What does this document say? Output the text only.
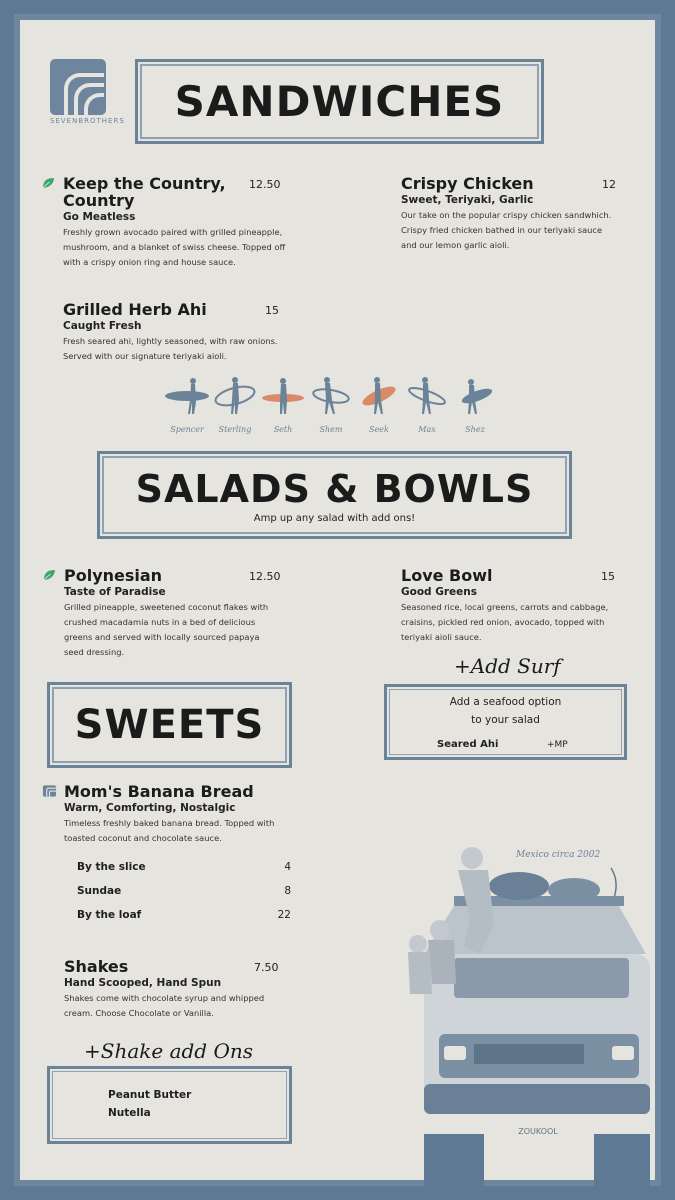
SEVENBROTHERS SANDWICHES
Keep the Country, Country
12.50
Go Meatless
Freshly grown avocado paired with grilled pineapple, mushroom, and a blanket of swiss cheese. Topped off with a crispy onion ring and house sauce.
Crispy Chicken	12
Sweet, Teriyaki, Garlic
Our take on the popular crispy chicken sandwhich. Crispy fried chicken bathed in our teriyaki sauce and our lemon garlic aioli.
Grilled Herb Ahi	15
Caught Fresh
Fresh seared ahi, lightly seasoned, with raw onions. Served with our signature teriyaki aioli.
Spencer	Sterling	Seth	Shem	Seek	Max	Shez
SALADS & BOWLS
Amp up any salad with add ons!
Polynesian	12.50
Taste of Paradise
Grilled pineapple, sweetened coconut flakes with crushed macadamia nuts in a bed of delicious greens and served with locally sourced papaya seed dressing.
Love Bowl	15
Good Greens
Seasoned rice, local greens, carrots and cabbage, craisins, pickled red onion, avocado, topped with teriyaki aioli sauce.
+Add Surf
Add a seafood option
to your salad
Seared Ahi	+MP
SWEETS
Mom's Banana Bread
Warm, Comforting, Nostalgic
Timeless freshly baked banana bread. Topped with toasted coconut and chocolate sauce.
By the slice	4
Sundae	8
By the loaf	22
Shakes	7.50
Hand Scooped, Hand Spun
Shakes come with chocolate syrup and whipped cream. Choose Chocolate or Vanilla.
+Shake add Ons
Peanut Butter
Nutella
Mexico circa 2002
ZOUKOOL
